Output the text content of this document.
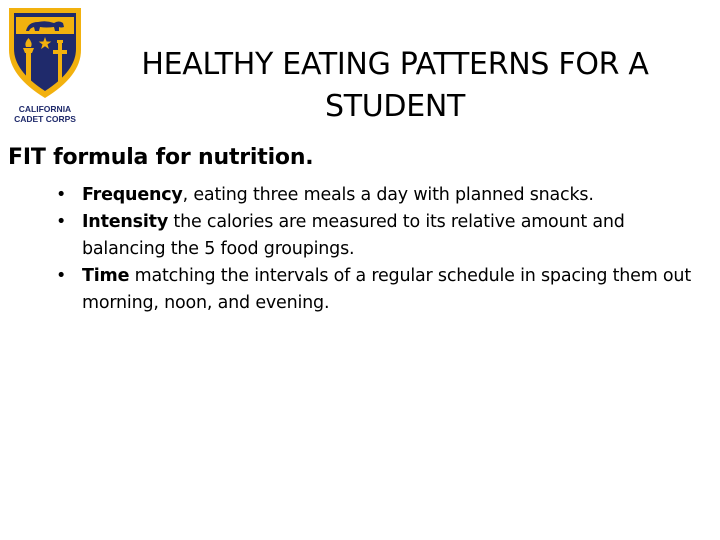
CALIFORNIA
CADET CORPS
HEALTHY EATING PATTERNS FOR A STUDENT
FIT formula for nutrition.
• Frequency, eating three meals a day with planned snacks.
• Intensity the calories are measured to its relative amount and balancing the 5 food groupings.
• Time matching the intervals of a regular schedule in spacing them out morning, noon, and evening.
